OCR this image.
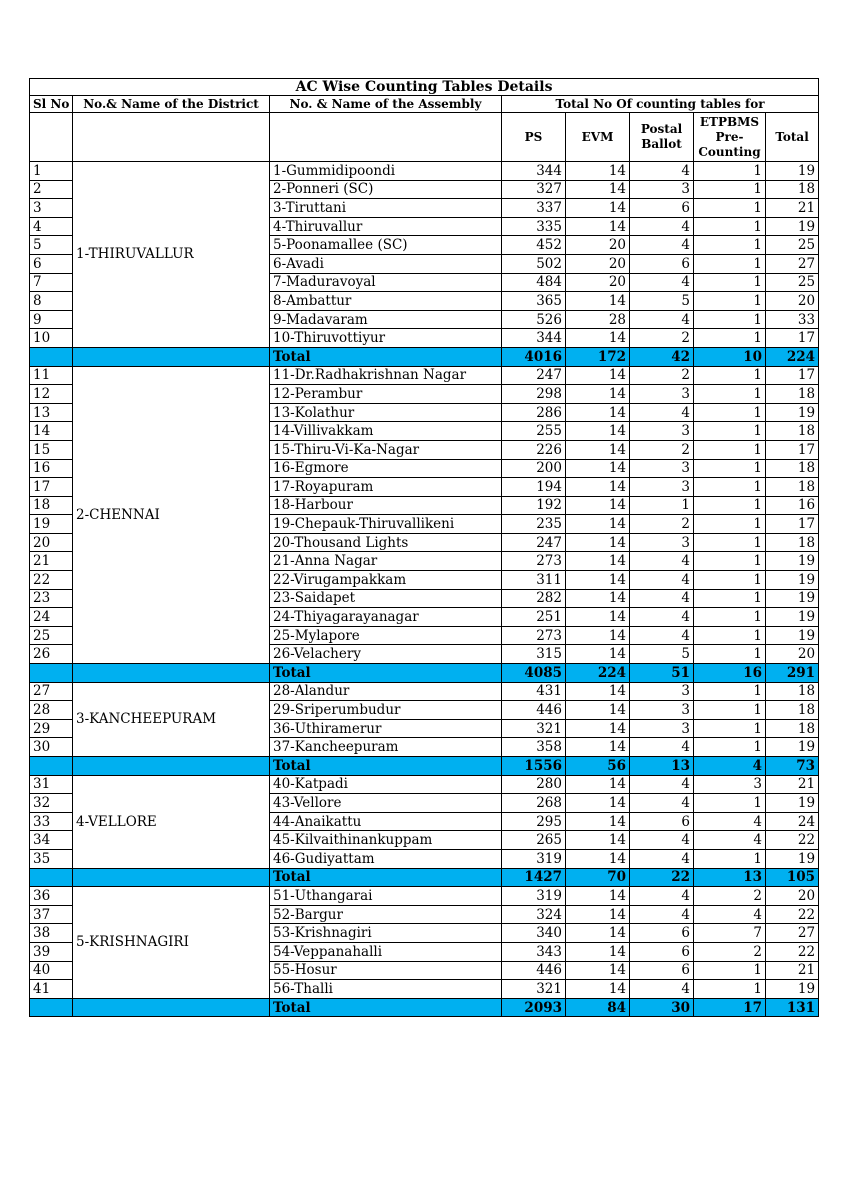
AC Wise Counting Tables Details							
Sl No	No.& Name of the District	No. & Name of the Assembly	Total No Of counting tables for				
			PS	EVM	Postal Ballot	ETPBMS Pre-Counting	Total
1	1-THIRUVALLUR	1-Gummidipoondi	344	14	4	1	19
2		2-Ponneri (SC)	327	14	3	1	18
3		3-Tiruttani	337	14	6	1	21
4		4-Thiruvallur	335	14	4	1	19
5		5-Poonamallee (SC)	452	20	4	1	25
6		6-Avadi	502	20	6	1	27
7		7-Maduravoyal	484	20	4	1	25
8		8-Ambattur	365	14	5	1	20
9		9-Madavaram	526	28	4	1	33
10		10-Thiruvottiyur	344	14	2	1	17
		Total	4016	172	42	10	224
11	2-CHENNAI	11-Dr.Radhakrishnan Nagar	247	14	2	1	17
12		12-Perambur	298	14	3	1	18
13		13-Kolathur	286	14	4	1	19
14		14-Villivakkam	255	14	3	1	18
15		15-Thiru-Vi-Ka-Nagar	226	14	2	1	17
16		16-Egmore	200	14	3	1	18
17		17-Royapuram	194	14	3	1	18
18		18-Harbour	192	14	1	1	16
19		19-Chepauk-Thiruvallikeni	235	14	2	1	17
20		20-Thousand Lights	247	14	3	1	18
21		21-Anna Nagar	273	14	4	1	19
22		22-Virugampakkam	311	14	4	1	19
23		23-Saidapet	282	14	4	1	19
24		24-Thiyagarayanagar	251	14	4	1	19
25		25-Mylapore	273	14	4	1	19
26		26-Velachery	315	14	5	1	20
		Total	4085	224	51	16	291
27	3-KANCHEEPURAM	28-Alandur	431	14	3	1	18
28		29-Sriperumbudur	446	14	3	1	18
29		36-Uthiramerur	321	14	3	1	18
30		37-Kancheepuram	358	14	4	1	19
		Total	1556	56	13	4	73
31	4-VELLORE	40-Katpadi	280	14	4	3	21
32		43-Vellore	268	14	4	1	19
33		44-Anaikattu	295	14	6	4	24
34		45-Kilvaithinankuppam	265	14	4	4	22
35		46-Gudiyattam	319	14	4	1	19
		Total	1427	70	22	13	105
36	5-KRISHNAGIRI	51-Uthangarai	319	14	4	2	20
37		52-Bargur	324	14	4	4	22
38		53-Krishnagiri	340	14	6	7	27
39		54-Veppanahalli	343	14	6	2	22
40		55-Hosur	446	14	6	1	21
41		56-Thalli	321	14	4	1	19
		Total	2093	84	30	17	131
